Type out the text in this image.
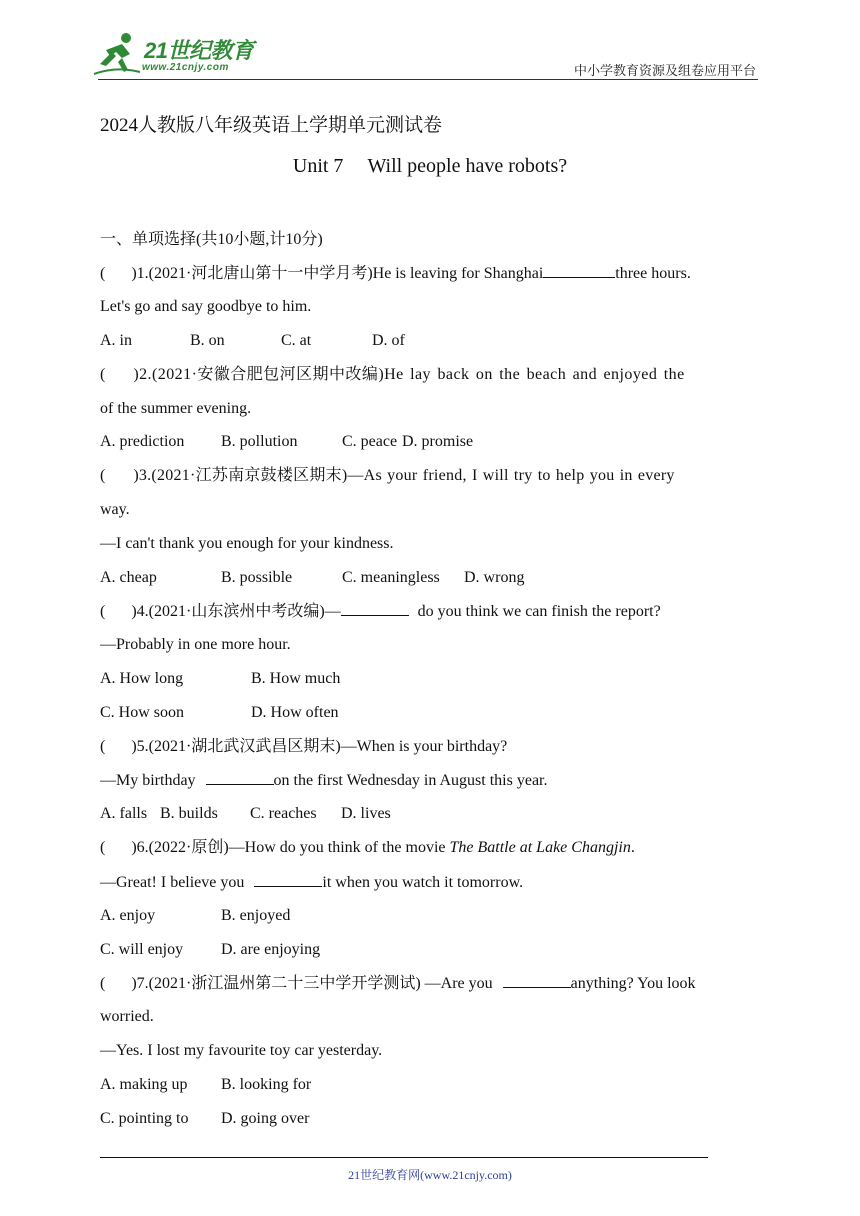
21世纪教育
www.21cnjy.com	中小学教育资源及组卷应用平台
2024人教版八年级英语上学期单元测试卷
Unit 7 Will people have robots?
一、单项选择(共10小题,计10分)
( )1.(2021·河北唐山第十一中学月考)He is leaving for Shanghai	three hours.
Let's go and say goodbye to him.
A. in	B. on	C. at	D. of
( )2.(2021·安徽合肥包河区期中改编)He lay back on the beach and enjoyed the
of the summer evening.
A. prediction B. pollution	C. peace D. promise
( )3.(2021·江苏南京鼓楼区期末)—As your friend, I will try to help you in every
way.
—I can't thank you enough for your kindness.
A. cheap	B. possible	C. meaningless D. wrong
( )4.(2021·山东滨州中考改编)—	do you think we can finish the report?
—Probably in one more hour.
A. How long	B. How much
C. How soon	D. How often
( )5.(2021·湖北武汉武昌区期末)—When is your birthday?
—My birthday	on the first Wednesday in August this year.
A. falls B. builds C. reaches D. lives
( )6.(2022·原创)—How do you think of the movie The Battle at Lake Changjin.
—Great! I believe you	it when you watch it tomorrow.
A. enjoy	B. enjoyed
C. will enjoy D. are enjoying
( )7.(2021·浙江温州第二十三中学开学测试) —Are you	anything? You look
worried.
—Yes. I lost my favourite toy car yesterday.
A. making up B. looking for
C. pointing to D. going over
21世纪教育网(www.21cnjy.com)
